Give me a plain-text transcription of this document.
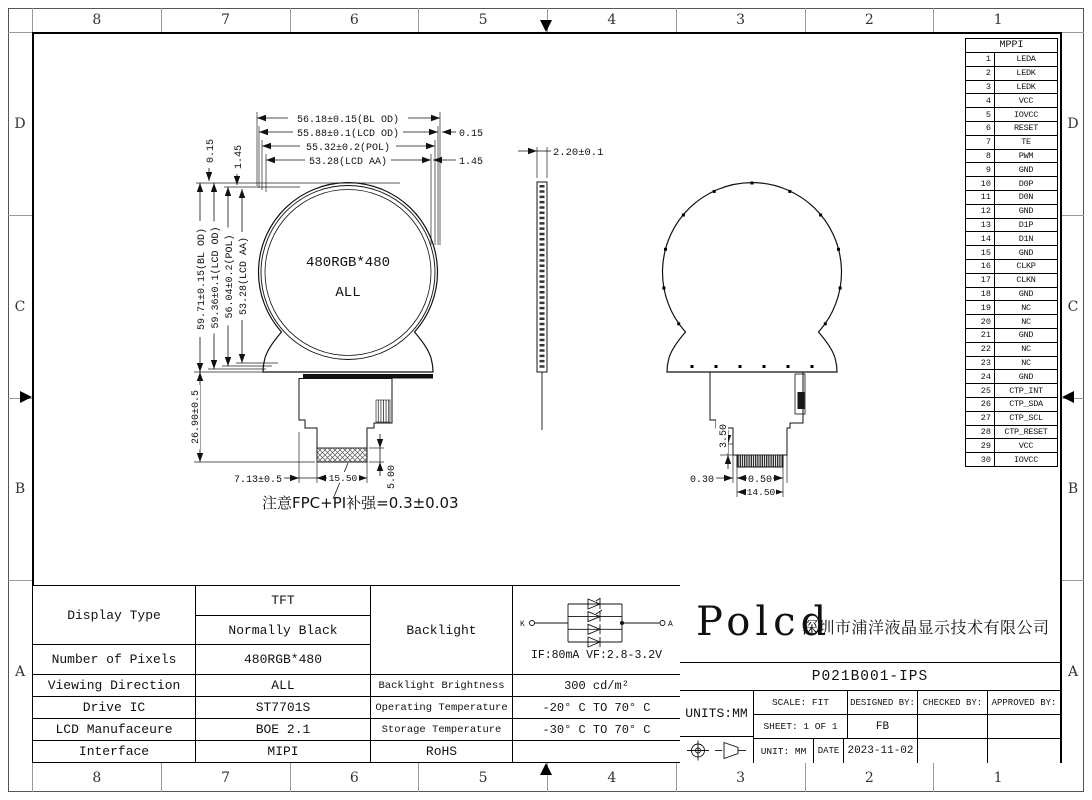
8	7	6	5	4	3	2	1
8	7	6	5	4	3	2	1
D
C
B
A
D
C
B
A
56.18±0.15(BL OD)
55.88±0.1(LCD OD)
55.32±0.2(POL)
53.28(LCD AA)
0.15
1.45
59.71±0.15(BL OD) 59.36±0.1(LCD OD) 56.04±0.2(POL) 53.28(LCD AA)
0.15 1.45
26.90±0.5
480RGB*480
ALL
7.13±0.5	15.50	5.00
注意FPC+PI补强=0.3±0.03
2.20±0.1
3.50
0.30	0.50
14.50
MPPI
1	LEDA
2	LEDK
3	LEDK
4	VCC
5	IOVCC
6	RESET
7	TE
8	PWM
9	GND
10	D0P
11	D0N
12	GND
13	D1P
14	D1N
15	GND
16	CLKP
17	CLKN
18	GND
19	NC
20	NC
21	GND
22	NC
23	NC
24	GND
25	CTP_INT
26	CTP_SDA
27	CTP_SCL
28	CTP_RESET
29	VCC
30	IOVCC
Display Type	TFT	Backlight	K A
IF:80mA VF:2.8-3.2V

	Normally Black		
Number of Pixels	480RGB*480		
Viewing Direction	ALL	Backlight Brightness	300 cd/m²
Drive IC	ST7701S	Operating Temperature	-20° C TO 70° C
LCD Manufaceure	BOE 2.1	Storage Temperature	-30° C TO 70° C
Interface	MIPI	RoHS	
Polcd
深圳市浦洋液晶显示技术有限公司
P021B001-IPS
UNITS:MM
SCALE: FIT	DESIGNED BY: CHECKED BY:	APPROVED BY:
SHEET: 1 OF 1	FB
UNIT: MM	DATE 2023-11-02
